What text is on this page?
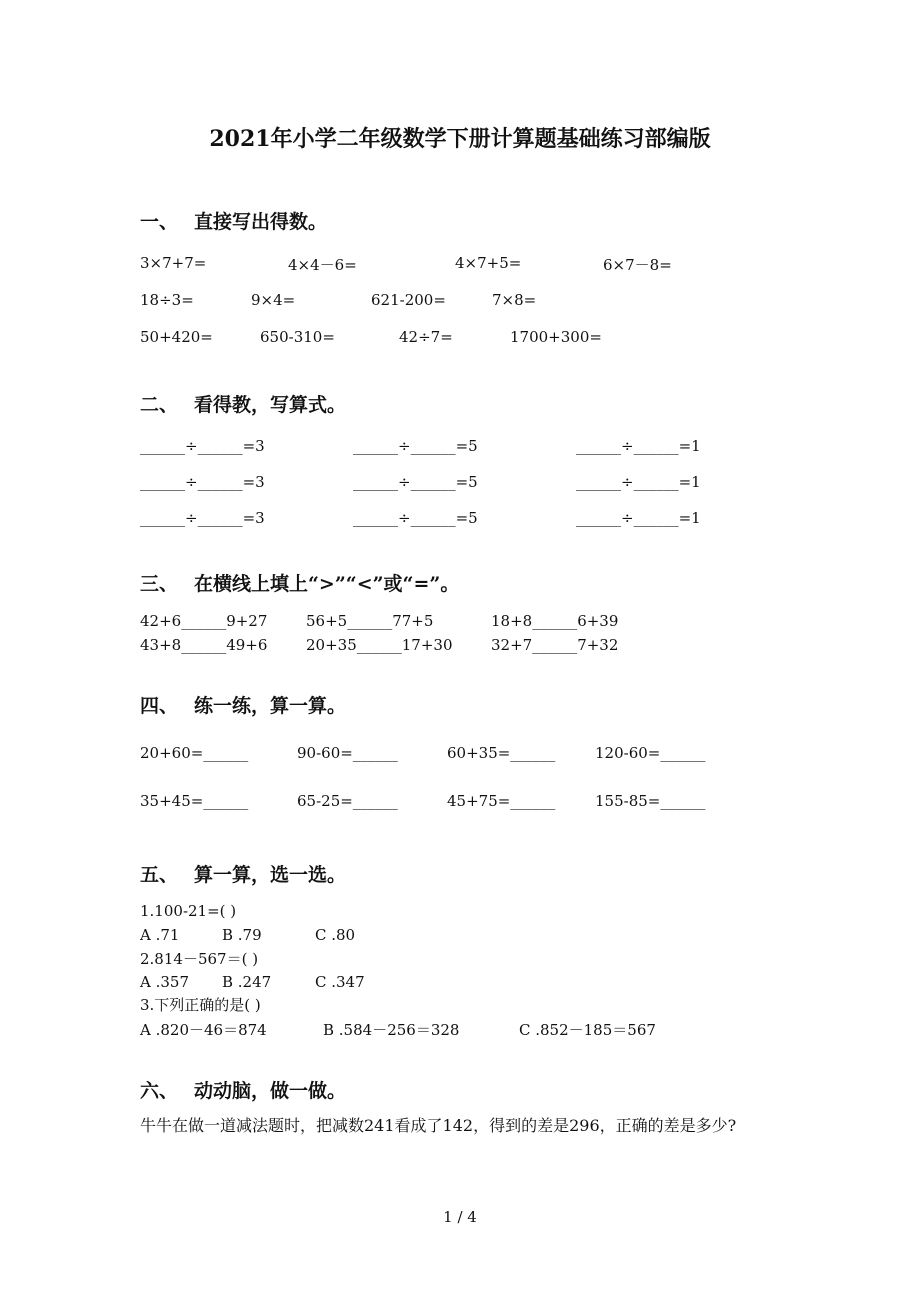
2021年小学二年级数学下册计算题基础练习部编版
一、 直接写出得数。
3×7+7=	4×4－6=	4×7+5=	6×7－8=
18÷3=	9×4=	621-200=	7×8=
50+420=	650-310=	42÷7=	1700+300=
二、 看得教，写算式。
______÷______=3	______÷______=5	______÷______=1
______÷______=3	______÷______=5	______÷______=1
______÷______=3	______÷______=5	______÷______=1
三、 在横线上填上“>”“<”或“=”。
42+6______9+27	56+5______77+5	18+8______6+39
43+8______49+6	20+35______17+30	32+7______7+32
四、 练一练，算一算。
20+60=______	90-60=______	60+35=______	120-60=______
35+45=______	65-25=______	45+75=______	155-85=______
五、 算一算，选一选。
1.100-21=( )
A .71	B .79	C .80
2.814－567＝( )
A .357 B .247	C .347
3.下列正确的是( )
A .820－46＝874	B .584－256＝328	C .852－185＝567
六、 动动脑，做一做。
牛牛在做一道减法题时，把减数241看成了142，得到的差是296，正确的差是多少?
1 / 4
